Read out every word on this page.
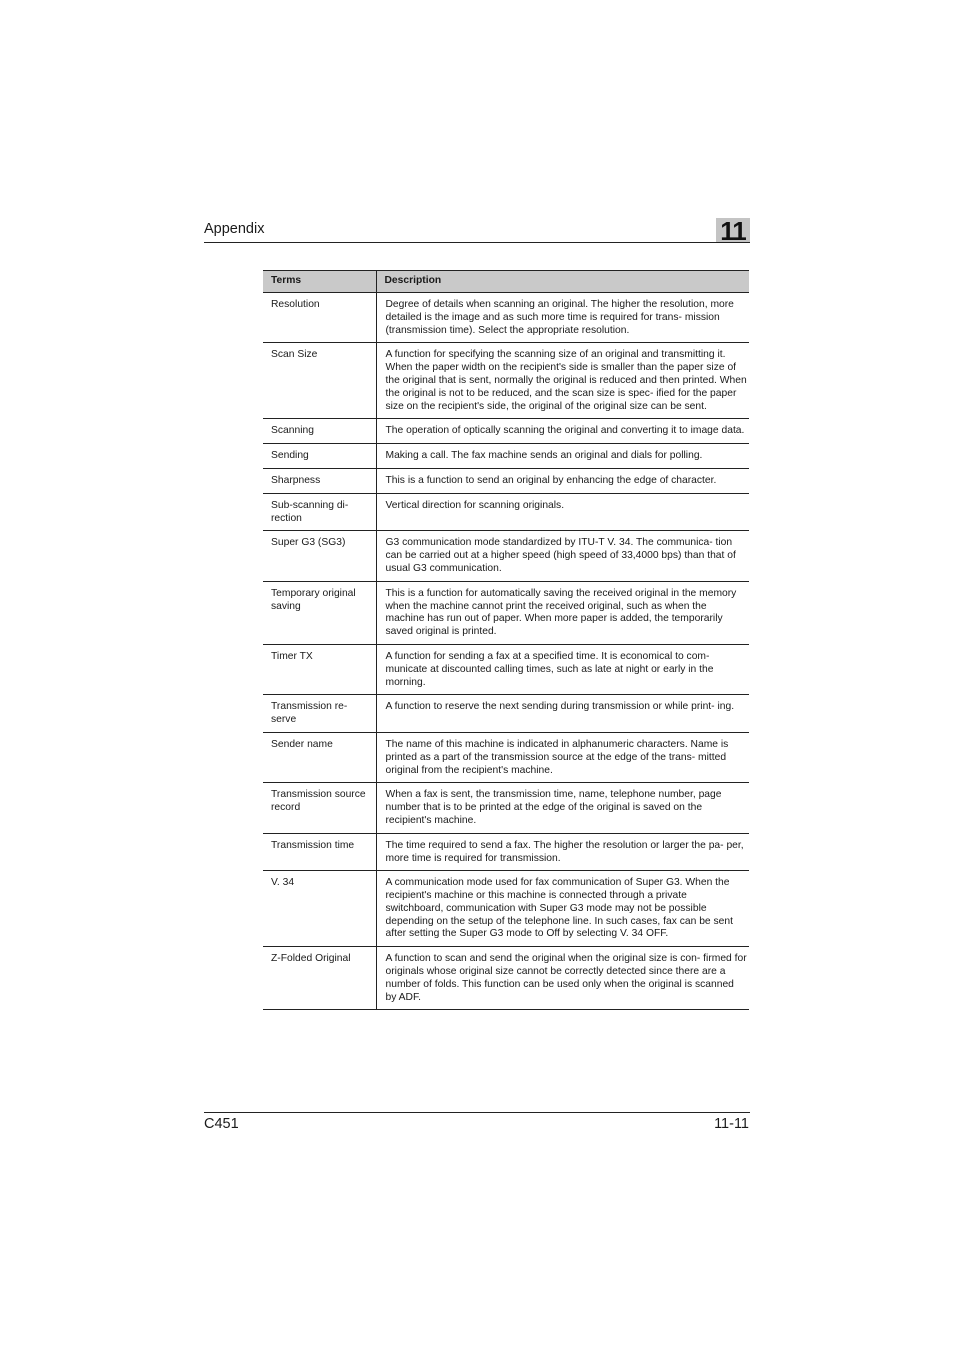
Appendix	11
Terms	Description
Resolution	Degree of details when scanning an original. The higher the resolution, more detailed is the image and as such more time is required for trans- mission (transmission time). Select the appropriate resolution.
Scan Size	A function for specifying the scanning size of an original and transmitting it. When the paper width on the recipient's side is smaller than the paper size of the original that is sent, normally the original is reduced and then printed. When the original is not to be reduced, and the scan size is spec- ified for the paper size on the recipient's side, the original of the original size can be sent.
Scanning	The operation of optically scanning the original and converting it to image data.
Sending	Making a call. The fax machine sends an original and dials for polling.
Sharpness	This is a function to send an original by enhancing the edge of character.
Sub-scanning di- rection	Vertical direction for scanning originals.
Super G3 (SG3)	G3 communication mode standardized by ITU-T V. 34. The communica- tion can be carried out at a higher speed (high speed of 33,4000 bps) than that of usual G3 communication.
Temporary original saving	This is a function for automatically saving the received original in the memory when the machine cannot print the received original, such as when the machine has run out of paper. When more paper is added, the temporarily saved original is printed.
Timer TX	A function for sending a fax at a specified time. It is economical to com- municate at discounted calling times, such as late at night or early in the morning.
Transmission re- serve	A function to reserve the next sending during transmission or while print- ing.
Sender name	The name of this machine is indicated in alphanumeric characters. Name is printed as a part of the transmission source at the edge of the trans- mitted original from the recipient's machine.
Transmission source record	When a fax is sent, the transmission time, name, telephone number, page number that is to be printed at the edge of the original is saved on the recipient's machine.
Transmission time	The time required to send a fax. The higher the resolution or larger the pa- per, more time is required for transmission.
V. 34	A communication mode used for fax communication of Super G3. When the recipient's machine or this machine is connected through a private switchboard, communication with Super G3 mode may not be possible depending on the setup of the telephone line. In such cases, fax can be sent after setting the Super G3 mode to Off by selecting V. 34 OFF.
Z-Folded Original	A function to scan and send the original when the original size is con- firmed for originals whose original size cannot be correctly detected since there are a number of folds. This function can be used only when the original is scanned by ADF.
C451	11-11
